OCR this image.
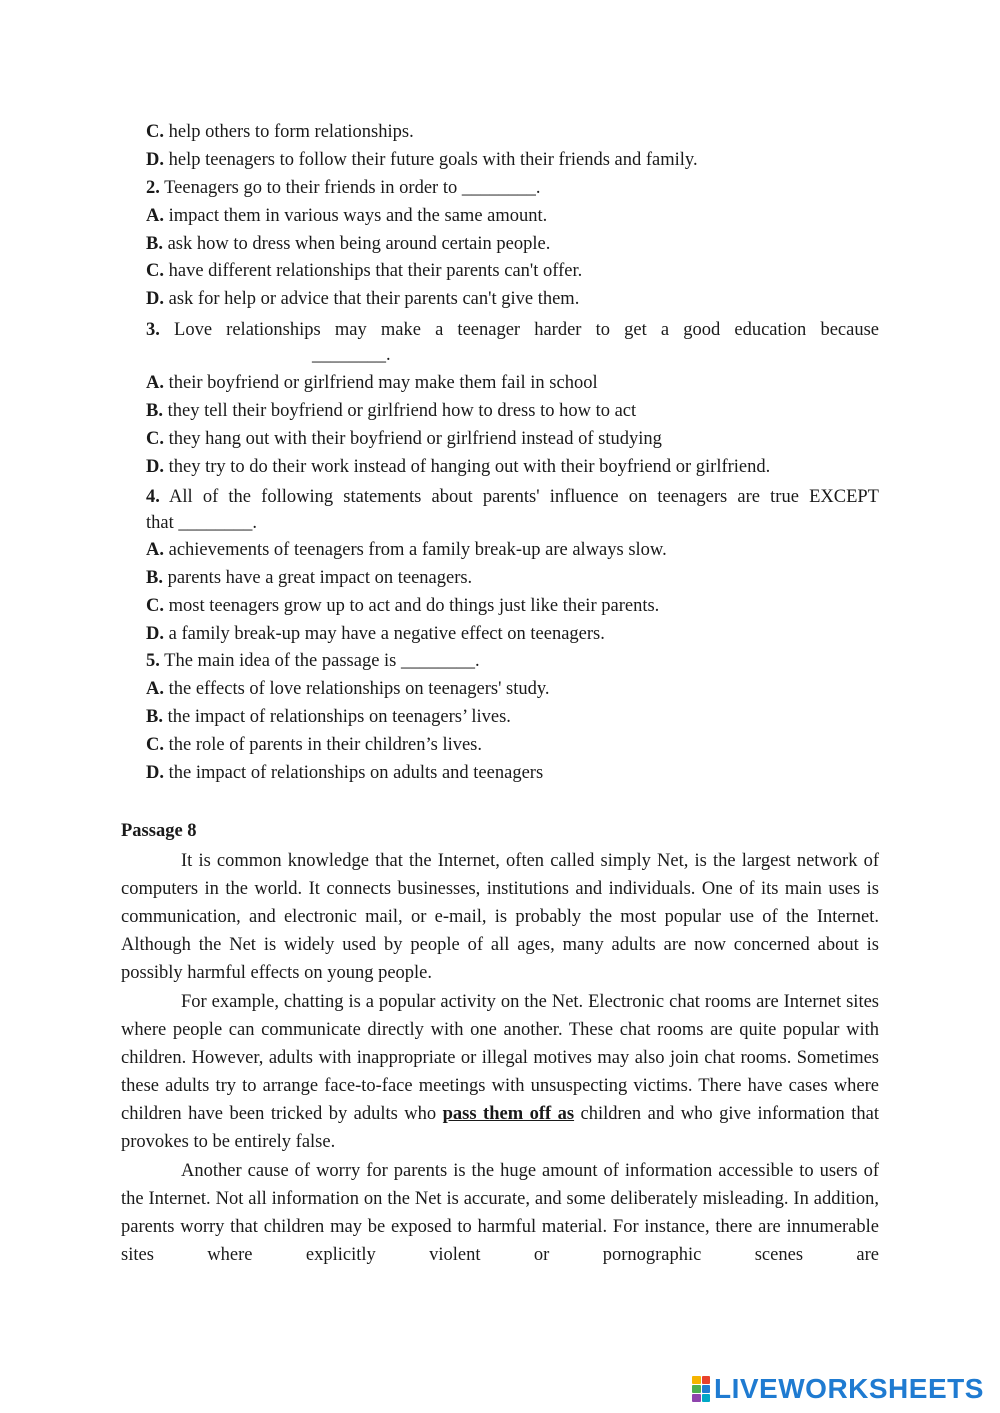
C. help others to form relationships.
D. help teenagers to follow their future goals with their friends and family.
2. Teenagers go to their friends in order to ________.
A. impact them in various ways and the same amount.
B. ask how to dress when being around certain people.
C. have different relationships that their parents can't offer.
D. ask for help or advice that their parents can't give them.
3. Love relationships may make a teenager harder to get a good education because
________.
A. their boyfriend or girlfriend may make them fail in school
B. they tell their boyfriend or girlfriend how to dress to how to act
C. they hang out with their boyfriend or girlfriend instead of studying
D. they try to do their work instead of hanging out with their boyfriend or girlfriend.
4. All of the following statements about parents' influence on teenagers are true EXCEPT
that ________.
A. achievements of teenagers from a family break-up are always slow.
B. parents have a great impact on teenagers.
C. most teenagers grow up to act and do things just like their parents.
D. a family break-up may have a negative effect on teenagers.
5. The main idea of the passage is ________.
A. the effects of love relationships on teenagers' study.
B. the impact of relationships on teenagers’ lives.
C. the role of parents in their children’s lives.
D. the impact of relationships on adults and teenagers
Passage 8
It is common knowledge that the Internet, often called simply Net, is the largest network of computers in the world. It connects businesses, institutions and individuals. One of its main uses is communication, and electronic mail, or e-mail, is probably the most popular use of the Internet. Although the Net is widely used by people of all ages, many adults are now concerned about is possibly harmful effects on young people.
For example, chatting is a popular activity on the Net. Electronic chat rooms are Internet sites where people can communicate directly with one another. These chat rooms are quite popular with children. However, adults with inappropriate or illegal motives may also join chat rooms. Sometimes these adults try to arrange face-to-face meetings with unsuspecting victims. There have cases where children have been tricked by adults who pass them off as children and who give information that provokes to be entirely false.
Another cause of worry for parents is the huge amount of information accessible to users of the Internet. Not all information on the Net is accurate, and some deliberately misleading. In addition, parents worry that children may be exposed to harmful material. For instance, there are innumerable sites where explicitly violent or pornographic scenes are
LIVEWORKSHEETS
